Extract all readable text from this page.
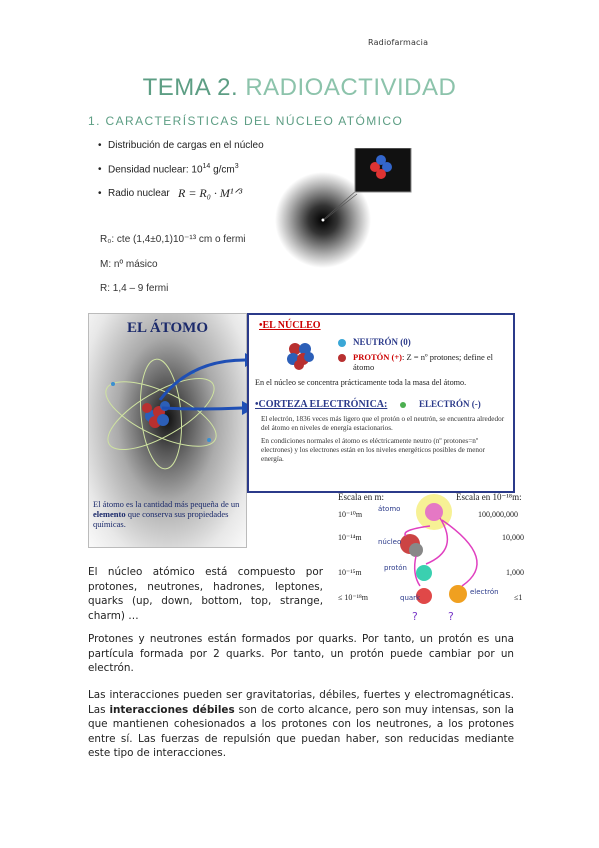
Radiofarmacia
TEMA 2. RADIOACTIVIDAD
1. CARACTERÍSTICAS DEL NÚCLEO ATÓMICO
• Distribución de cargas en el núcleo
• Densidad nuclear: $10^{14}$ $g/cm^3$
• Radio nuclear R = R₀ · M¹ᐟ³
R₀: cte (1,4±0,1)10⁻¹³ cm o fermi
M: nº másico
R: 1,4 – 9 fermi
EL ÁTOMO
El átomo es la cantidad más pequeña de un elemento que conserva sus propiedades químicas.
•EL NÚCLEO
NEUTRÓN (0)
PROTÓN (+): Z = nº protones; define el átomo
En el núcleo se concentra prácticamente toda la masa del átomo.
•CORTEZA ELECTRÓNICA:	ELECTRÓN (-)
El electrón, 1836 veces más ligero que el protón o el neutrón, se encuentra alrededor del átomo en niveles de energía estacionarios.
En condiciones normales el átomo es eléctricamente neutro (nº protones=nº electrones) y los electrones están en los niveles energéticos posibles de menor energía.
Escala en m:	Escala en 10⁻¹⁸m:
10⁻¹⁰m
átomo
100,000,000
10⁻¹⁴m núcleo	10,000
10⁻¹⁵m	protón	1,000
≤ 10⁻¹⁸m	quark	≤1
electrón
?	?
El núcleo atómico está compuesto por protones, neutrones, hadrones, leptones, quarks (up, down, bottom, top, strange, charm) …
Protones y neutrones están formados por quarks. Por tanto, un protón es una partícula formada por 2 quarks. Por tanto, un protón puede cambiar por un electrón.
Las interacciones pueden ser gravitatorias, débiles, fuertes y electromagnéticas. Las interacciones débiles son de corto alcance, pero son muy intensas, son la que mantienen cohesionados a los protones con los neutrones, a los protones entre sí. Las fuerzas de repulsión que puedan haber, son reducidas mediante este tipo de interacciones.
